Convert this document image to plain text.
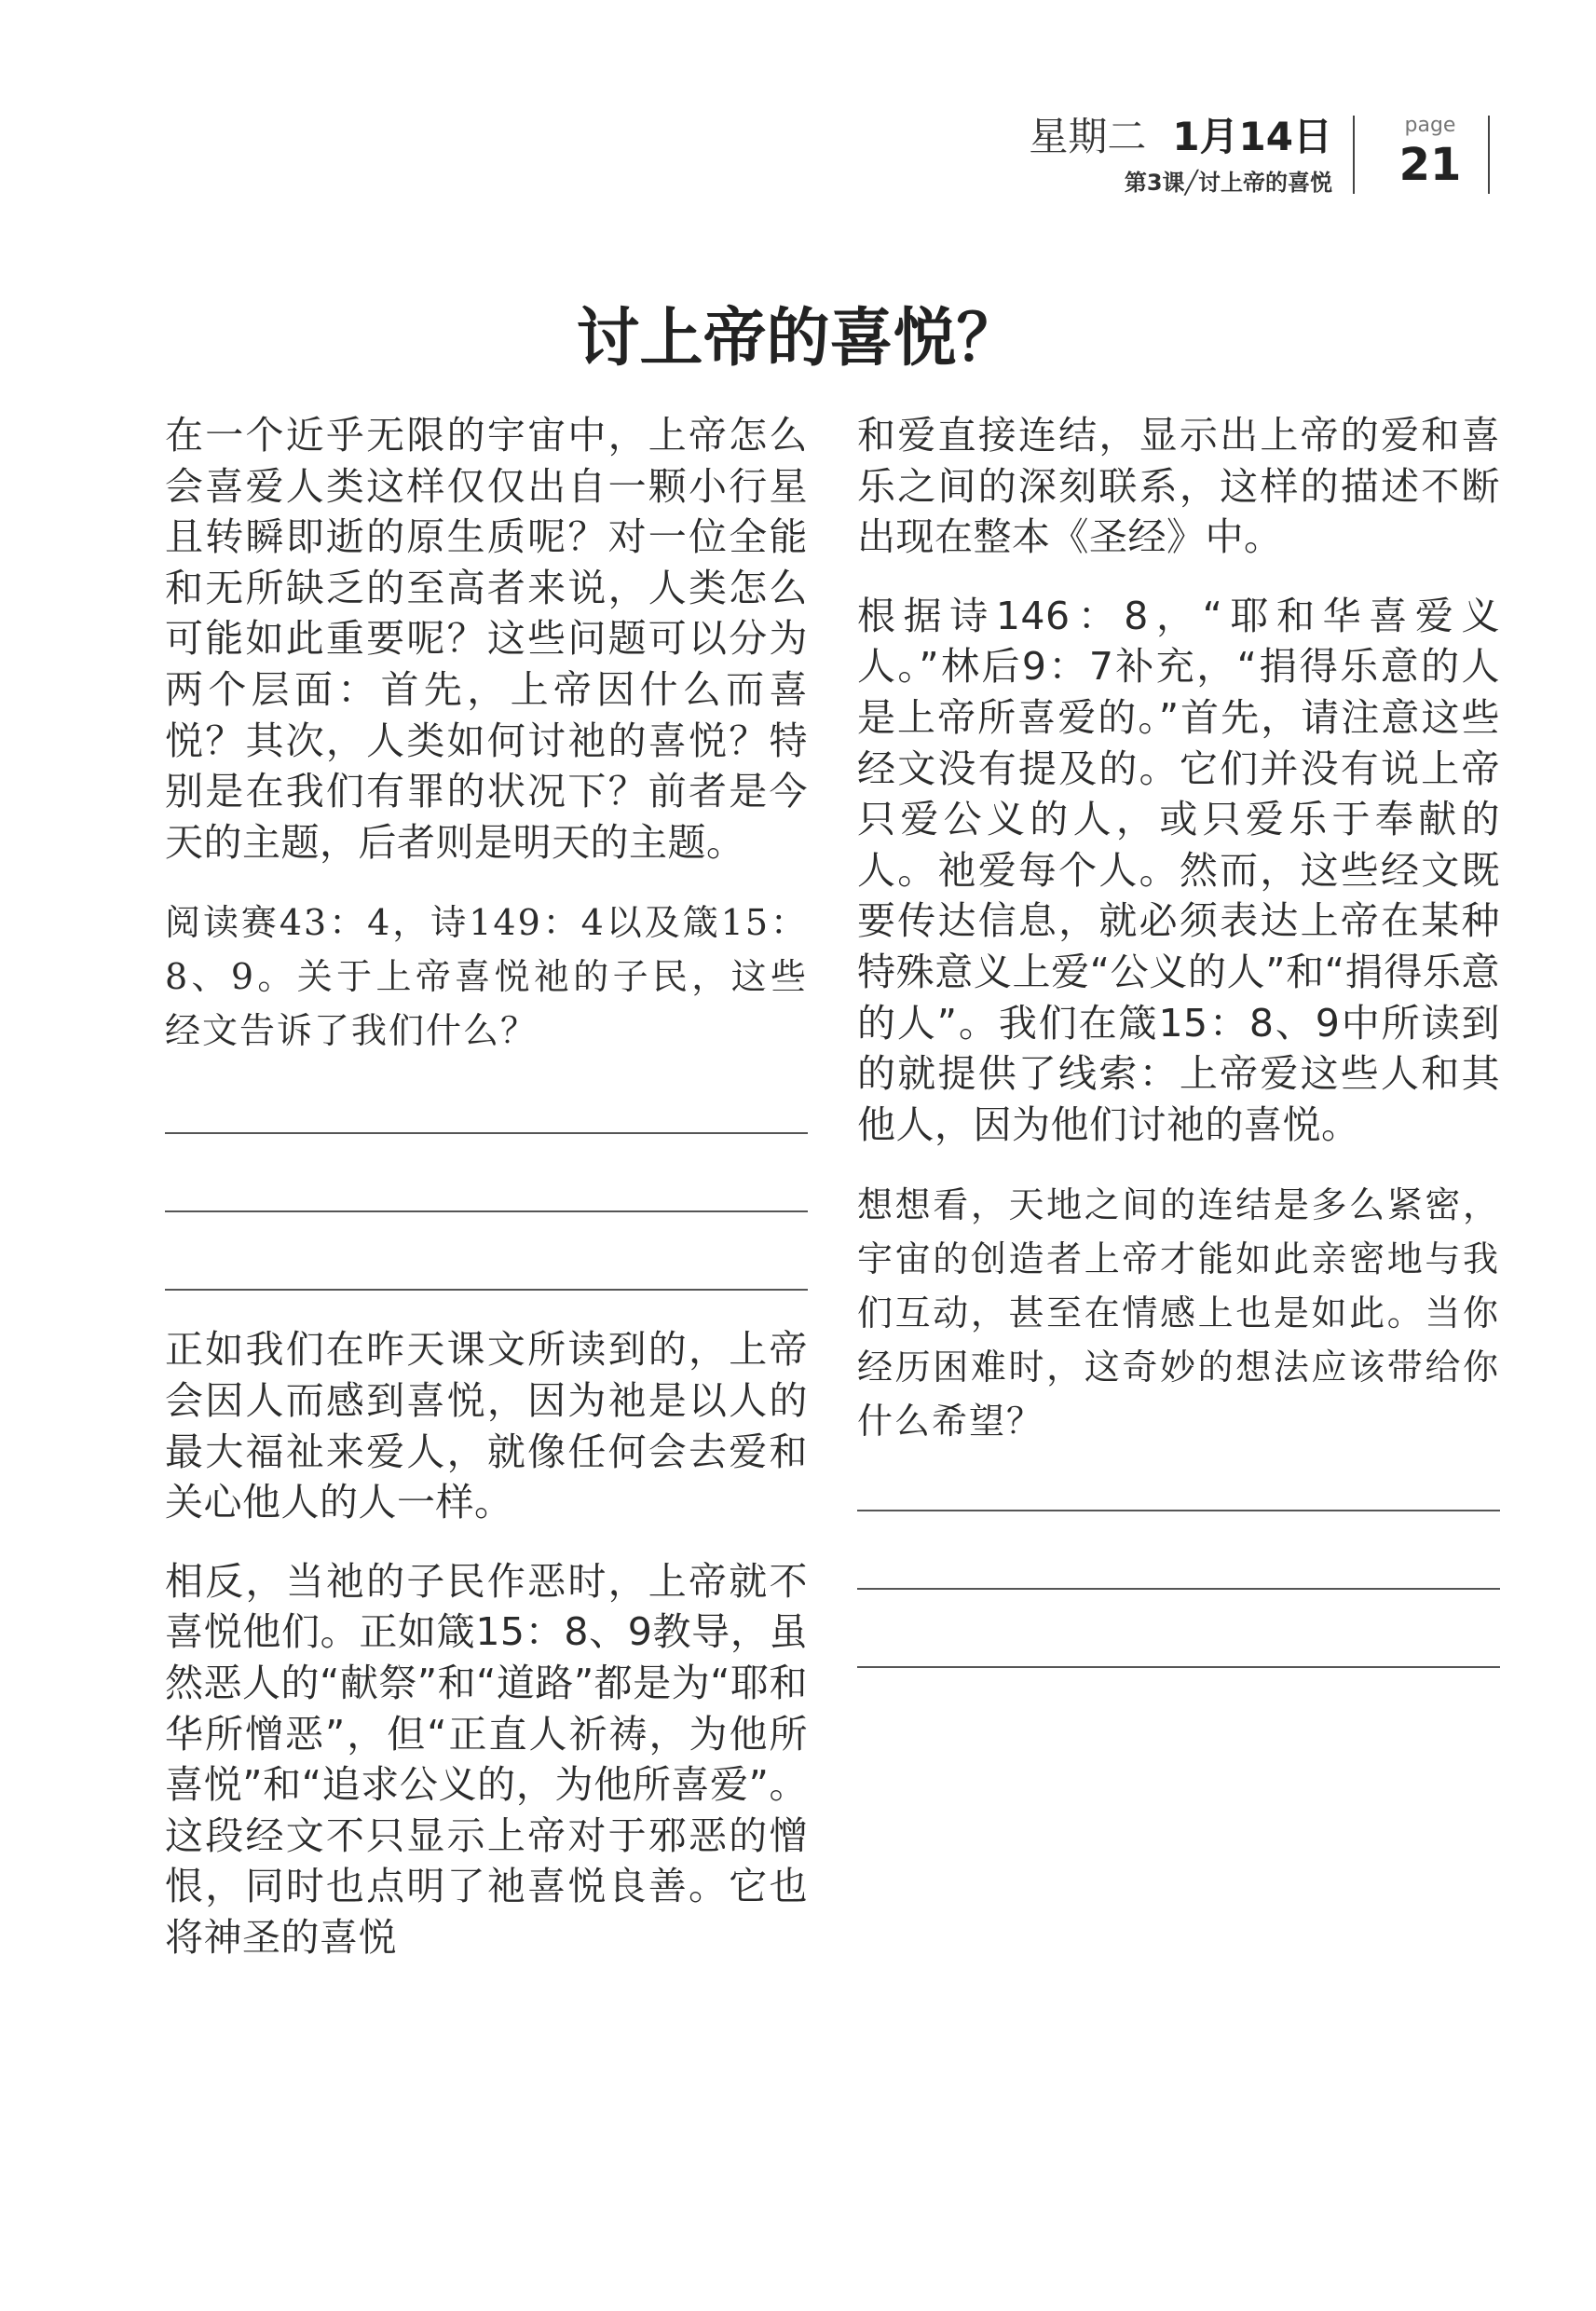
星期二 1月14日
第3课╱讨上帝的喜悦
page
21
讨上帝的喜悦？

在一个近乎无限的宇宙中，上帝怎么会喜爱人类这样仅仅出自一颗小行星且转瞬即逝的原生质呢？对一位全能和无所缺乏的至高者来说，人类怎么可能如此重要呢？这些问题可以分为两个层面：首先，上帝因什么而喜悦？其次，人类如何讨祂的喜悦？特别是在我们有罪的状况下？前者是今天的主题，后者则是明天的主题。

阅读赛43：4，诗149：4以及箴15：8、9。关于上帝喜悦祂的子民，这些经文告诉了我们什么？

正如我们在昨天课文所读到的，上帝会因人而感到喜悦，因为祂是以人的最大福祉来爱人，就像任何会去爱和关心他人的人一样。

相反，当祂的子民作恶时，上帝就不喜悦他们。正如箴15：8、9教导，虽然恶人的“献祭”和“道路”都是为“耶和华所憎恶”，但“正直人祈祷，为他所喜悦”和“追求公义的，为他所喜爱”。这段经文不只显示上帝对于邪恶的憎恨，同时也点明了祂喜悦良善。它也将神圣的喜悦

和爱直接连结，显示出上帝的爱和喜乐之间的深刻联系，这样的描述不断出现在整本《圣经》中。

根据诗146：8，“耶和华喜爱义人。”林后9：7补充，“捐得乐意的人是上帝所喜爱的。”首先，请注意这些经文没有提及的。它们并没有说上帝只爱公义的人，或只爱乐于奉献的人。祂爱每个人。然而，这些经文既要传达信息，就必须表达上帝在某种特殊意义上爱“公义的人”和“捐得乐意的人”。我们在箴15：8、9中所读到的就提供了线索：上帝爱这些人和其他人，因为他们讨祂的喜悦。

想想看，天地之间的连结是多么紧密，宇宙的创造者上帝才能如此亲密地与我们互动，甚至在情感上也是如此。当你经历困难时，这奇妙的想法应该带给你什么希望？
